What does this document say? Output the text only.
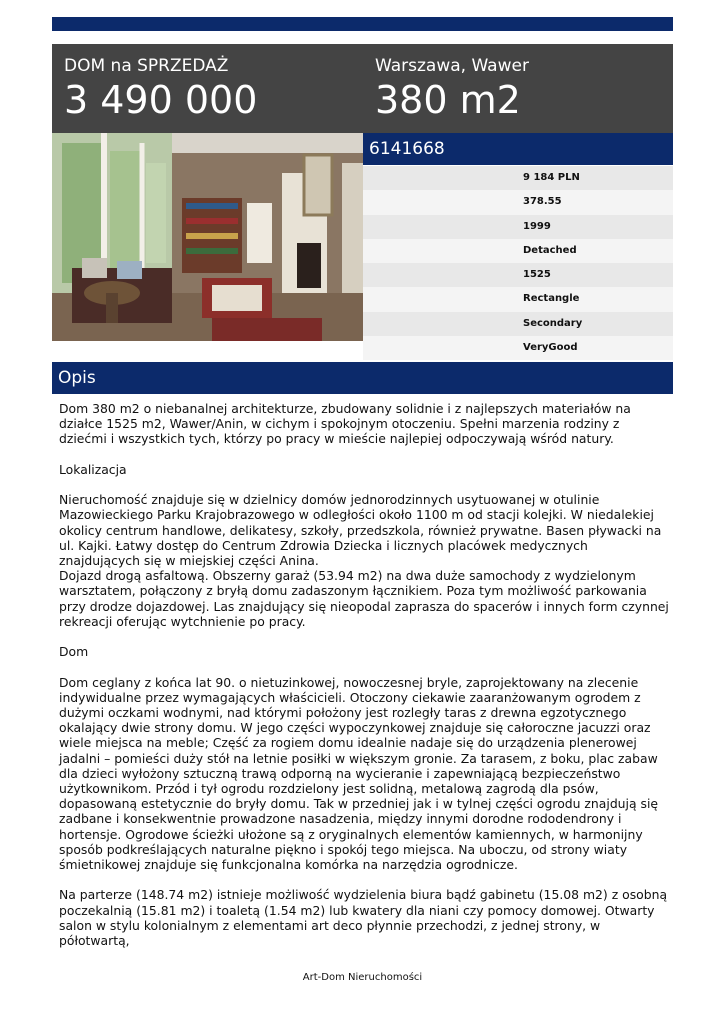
DOM na SPRZEDAŻ
3 490 000
Warszawa, Wawer
380 m2
6141668
9 184 PLN
378.55
1999
Detached
1525
Rectangle
Secondary
VeryGood
Opis

Dom 380 m2 o niebanalnej architekturze, zbudowany solidnie i z najlepszych materiałów na działce 1525 m2, Wawer/Anin, w cichym i spokojnym otoczeniu. Spełni marzenia rodziny z dziećmi i wszystkich tych, którzy po pracy w mieście najlepiej odpoczywają wśród natury.

Lokalizacja

Nieruchomość znajduje się w dzielnicy domów jednorodzinnych usytuowanej w otulinie Mazowieckiego Parku Krajobrazowego w odległości około 1100 m od stacji kolejki. W niedalekiej okolicy centrum handlowe, delikatesy, szkoły, przedszkola, również prywatne. Basen pływacki na ul. Kajki. Łatwy dostęp do Centrum Zdrowia Dziecka i licznych placówek medycznych znajdujących się w miejskiej części Anina.
Dojazd drogą asfaltową. Obszerny garaż (53.94 m2) na dwa duże samochody z wydzielonym warsztatem, połączony z bryłą domu zadaszonym łącznikiem. Poza tym możliwość parkowania przy drodze dojazdowej. Las znajdujący się nieopodal zaprasza do spacerów i innych form czynnej rekreacji oferując wytchnienie po pracy.

Dom

Dom ceglany z końca lat 90. o nietuzinkowej, nowoczesnej bryle, zaprojektowany na zlecenie indywidualne przez wymagających właścicieli. Otoczony ciekawie zaaranżowanym ogrodem z dużymi oczkami wodnymi, nad którymi położony jest rozległy taras z drewna egzotycznego okalający dwie strony domu. W jego części wypoczynkowej znajduje się całoroczne jacuzzi oraz wiele miejsca na meble; Część za rogiem domu idealnie nadaje się do urządzenia plenerowej jadalni – pomieści duży stół na letnie posiłki w większym gronie. Za tarasem, z boku, plac zabaw dla dzieci wyłożony sztuczną trawą odporną na wycieranie i zapewniającą bezpieczeństwo użytkownikom. Przód i tył ogrodu rozdzielony jest solidną, metalową zagrodą dla psów, dopasowaną estetycznie do bryły domu. Tak w przedniej jak i w tylnej części ogrodu znajdują się zadbane i konsekwentnie prowadzone nasadzenia, między innymi dorodne rododendrony i hortensje. Ogrodowe ścieżki ułożone są z oryginalnych elementów kamiennych, w harmonijny sposób podkreślających naturalne piękno i spokój tego miejsca. Na uboczu, od strony wiaty śmietnikowej znajduje się funkcjonalna komórka na narzędzia ogrodnicze.

Na parterze (148.74 m2) istnieje możliwość wydzielenia biura bądź gabinetu (15.08 m2) z osobną poczekalnią (15.81 m2) i toaletą (1.54 m2) lub kwatery dla niani czy pomocy domowej. Otwarty salon w stylu kolonialnym z elementami art deco płynnie przechodzi, z jednej strony, w półotwartą,

Art-Dom Nieruchomości
